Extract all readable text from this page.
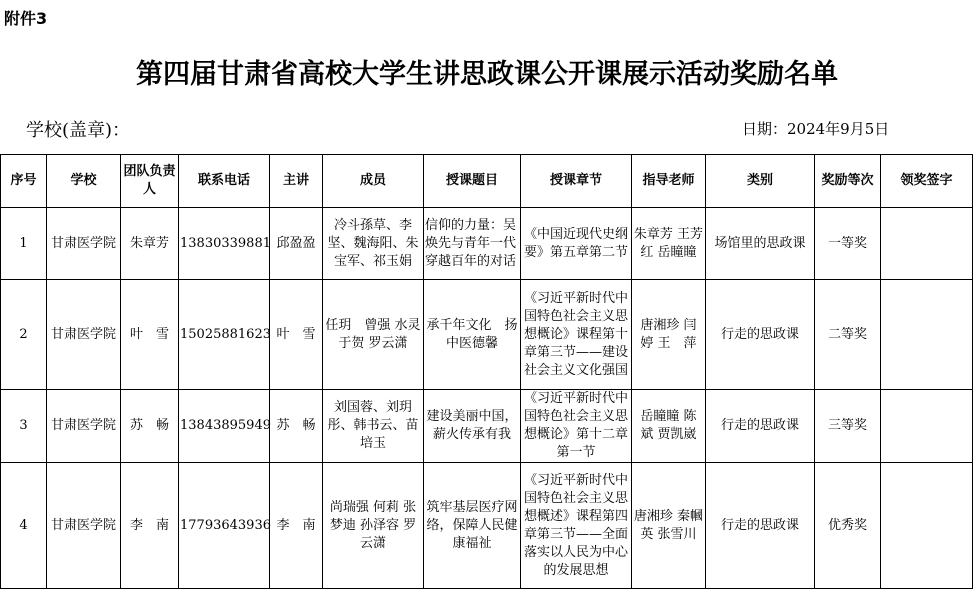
附件3
第四届甘肃省高校大学生讲思政课公开课展示活动奖励名单
学校(盖章)：	日期：2024年9月5日
序号	学校	团队负责人	联系电话	主讲	成员	授课题目	授课章节	指导老师	类别	奖励等次	领奖签字
1	甘肃医学院	朱章芳	13830339881	邱盈盈	冷斗孫草、李坚、魏海阳、朱宝军、祁玉娟	信仰的力量：吴焕先与青年一代穿越百年的对话	《中国近现代史纲要》第五章第二节	朱章芳 王芳红 岳瞳瞳	场馆里的思政课	一等奖	
2	甘肃医学院	叶　雪	15025881623	叶　雪	任玥　曾强 水灵 于贺 罗云潇	承千年文化　扬中医德馨	《习近平新时代中国特色社会主义思想概论》课程第十章第三节——建设社会主义文化强国	唐湘珍 闫　婷 王　萍	行走的思政课	二等奖	
3	甘肃医学院	苏　畅	13843895949	苏　畅	刘国蓉、刘玥彤、韩书云、苗培玉	建设美丽中国，薪火传承有我	《习近平新时代中国特色社会主义思想概论》第十二章第一节	岳瞳瞳 陈　斌 贾凯崴	行走的思政课	三等奖	
4	甘肃医学院	李　南	17793643936	李　南	尚瑞强 何莉 张梦迪 孙泽容 罗云潇	筑牢基层医疗网络，保障人民健康福祉	《习近平新时代中国特色社会主义思想概述》课程第四章第三节——全面落实以人民为中心的发展思想	唐湘珍 秦幗英 张雪川	行走的思政课	优秀奖	
